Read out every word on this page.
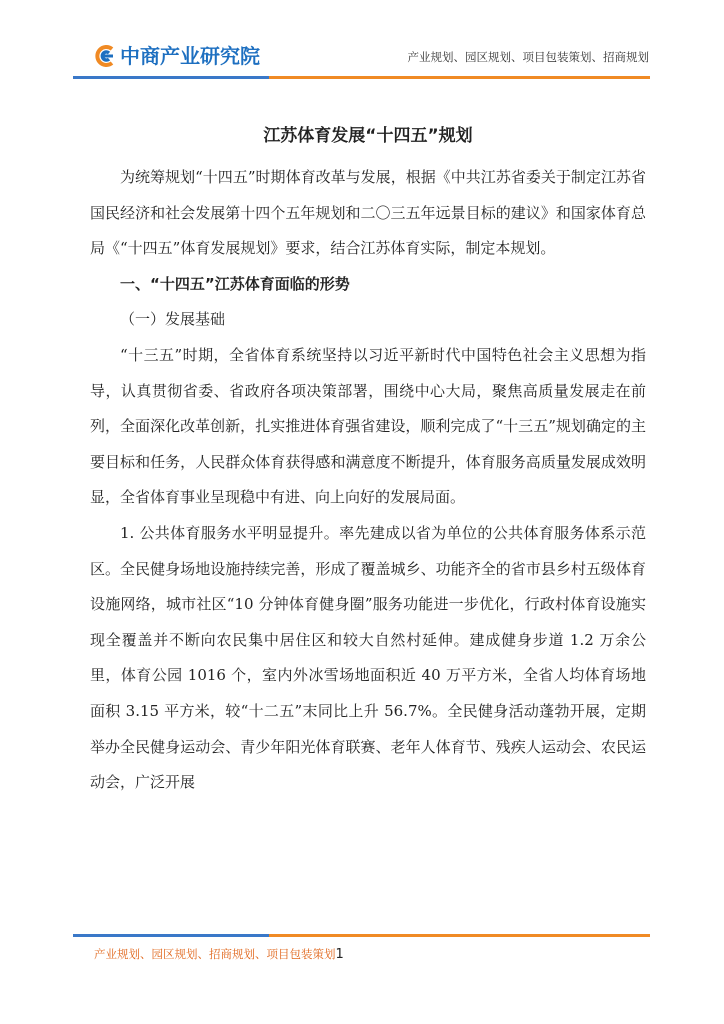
中商产业研究院	产业规划、园区规划、项目包装策划、招商规划
江苏体育发展“十四五”规划

为统筹规划“十四五”时期体育改革与发展，根据《中共江苏省委关于制定江苏省国民经济和社会发展第十四个五年规划和二〇三五年远景目标的建议》和国家体育总局《“十四五”体育发展规划》要求，结合江苏体育实际，制定本规划。

一、“十四五”江苏体育面临的形势
（一）发展基础

“十三五”时期，全省体育系统坚持以习近平新时代中国特色社会主义思想为指导，认真贯彻省委、省政府各项决策部署，围绕中心大局，聚焦高质量发展走在前列，全面深化改革创新，扎实推进体育强省建设，顺利完成了“十三五”规划确定的主要目标和任务，人民群众体育获得感和满意度不断提升，体育服务高质量发展成效明显，全省体育事业呈现稳中有进、向上向好的发展局面。

1. 公共体育服务水平明显提升。率先建成以省为单位的公共体育服务体系示范区。全民健身场地设施持续完善，形成了覆盖城乡、功能齐全的省市县乡村五级体育设施网络，城市社区“10 分钟体育健身圈”服务功能进一步优化，行政村体育设施实现全覆盖并不断向农民集中居住区和较大自然村延伸。建成健身步道 1.2 万余公里，体育公园 1016 个，室内外冰雪场地面积近 40 万平方米，全省人均体育场地面积 3.15 平方米，较“十二五”末同比上升 56.7%。全民健身活动蓬勃开展，定期举办全民健身运动会、青少年阳光体育联赛、老年人体育节、残疾人运动会、农民运动会，广泛开展

产业规划、园区规划、招商规划、项目包装策划1
